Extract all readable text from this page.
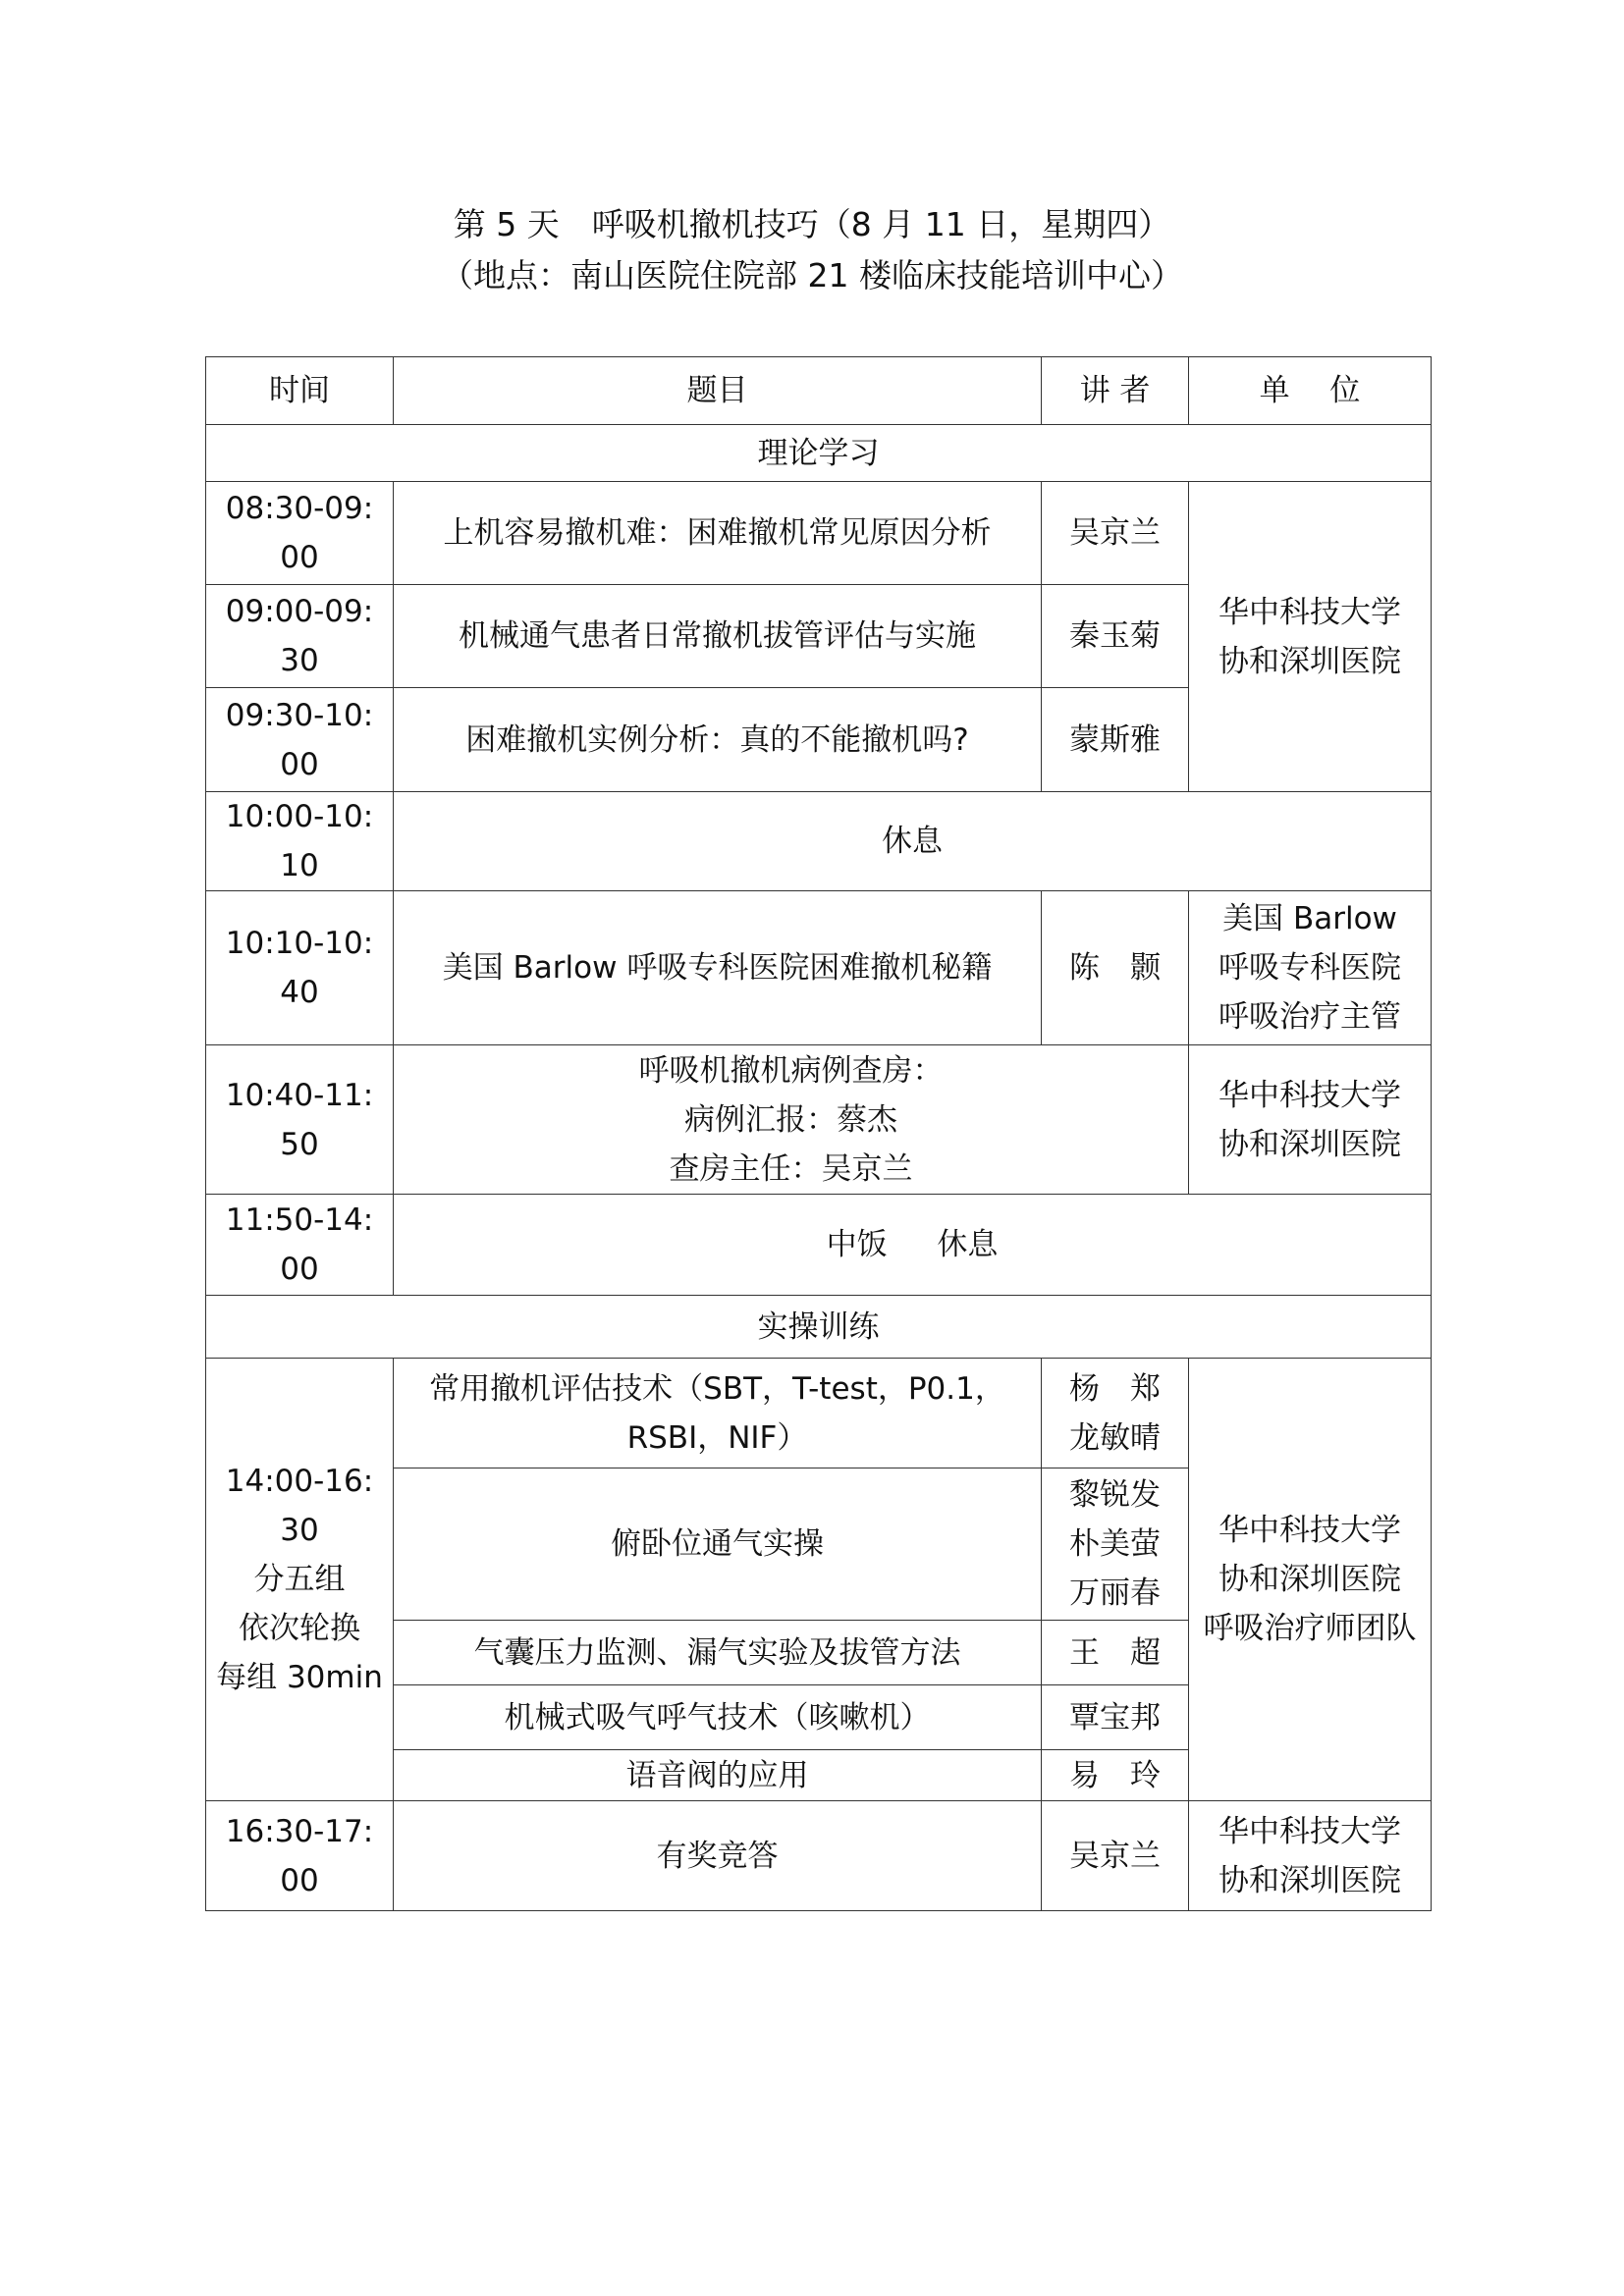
第 5 天　呼吸机撤机技巧（8 月 11 日，星期四）
（地点：南山医院住院部 21 楼临床技能培训中心）
时间	题目	讲 者	单　 位
理论学习			

08:30-09:
00	上机容易撤机难：困难撤机常见原因分析	吴京兰	华中科技大学
协和深圳医院

09:00-09:
30	机械通气患者日常撤机拔管评估与实施	秦玉菊	

09:30-10:
00	困难撤机实例分析：真的不能撤机吗?	蒙斯雅	

10:00-10:
10	休息		

10:10-10:
40	美国 Barlow 呼吸专科医院困难撤机秘籍	陈　颢	美国 Barlow
呼吸专科医院
呼吸治疗主管

10:40-11:
50	呼吸机撤机病例查房：
病例汇报：蔡杰
查房主任：吴京兰		华中科技大学
协和深圳医院

11:50-14:
00	中饭　  休息		
实操训练			

14:00-16:
30
分五组
依次轮换
每组 30min	常用撤机评估技术（SBT，T-test，P0.1，
RSBI，NIF）	杨　郑
龙敏晴	华中科技大学
协和深圳医院
呼吸治疗师团队

	俯卧位通气实操	黎锐发
朴美萤
万丽春	

	气囊压力监测、漏气实验及拔管方法	王　超	
	机械式吸气呼气技术（咳嗽机）	覃宝邦	
	语音阀的应用	易　玲	

16:30-17:
00	有奖竞答	吴京兰	华中科技大学
协和深圳医院
